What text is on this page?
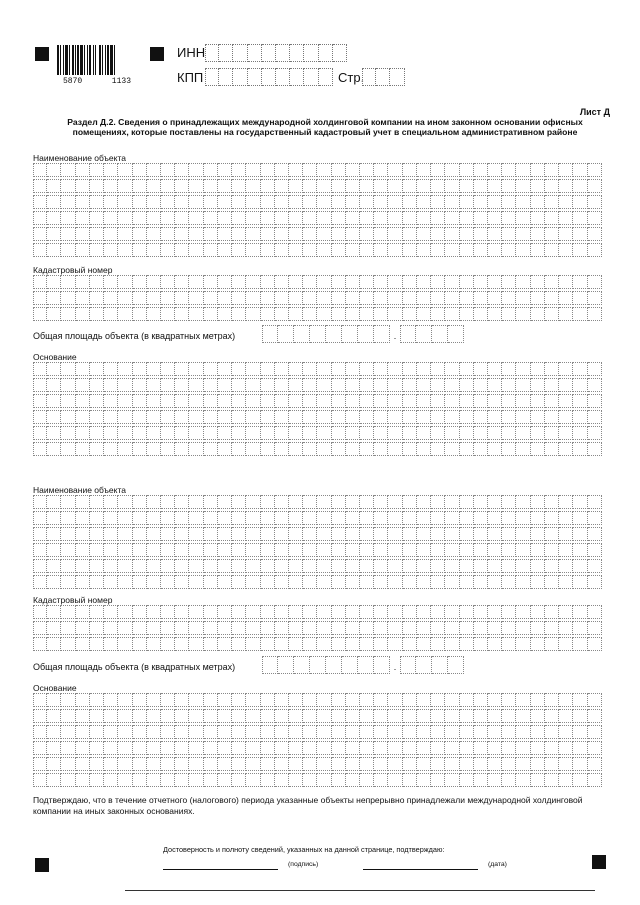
5870	1133
ИНН
КПП	Стр.
Лист Д
Раздел Д.2. Сведения о принадлежащих международной холдинговой компании на ином законном основании офисных помещениях, которые поставлены на государственный кадастровый учет в специальном административном районе
Наименование объекта
Кадастровый номер
Общая площадь объекта (в квадратных метрах)	.
Основание
Наименование объекта
Кадастровый номер
Общая площадь объекта (в квадратных метрах)	.
Основание
Подтверждаю, что в течение отчетного (налогового) периода указанные объекты непрерывно принадлежали международной холдинговой компании на иных законных основаниях.
Достоверность и полноту сведений, указанных на данной странице, подтверждаю:
(подпись)	(дата)
